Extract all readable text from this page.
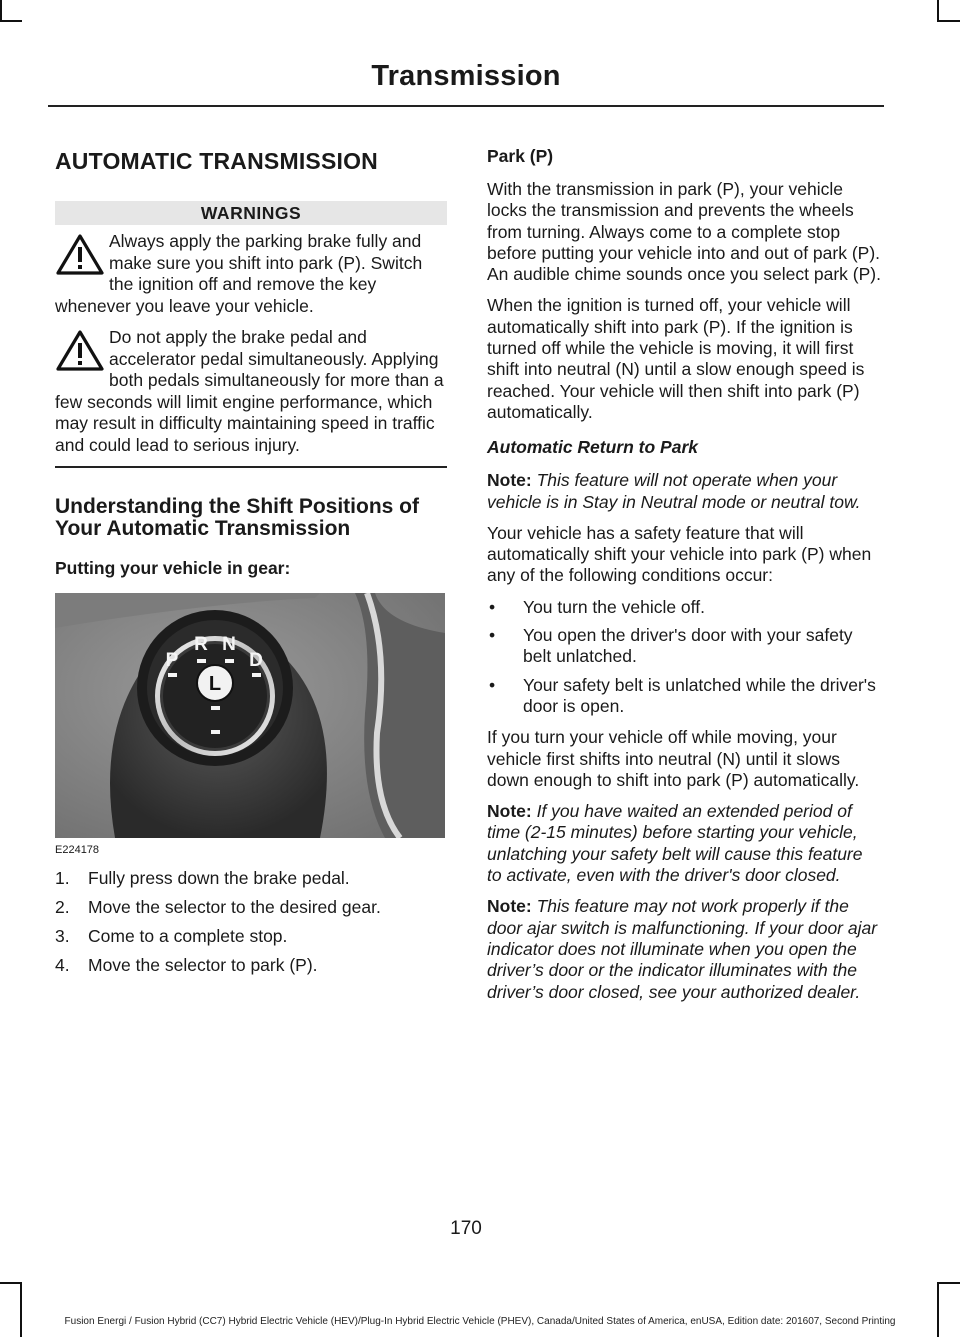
Transmission
AUTOMATIC TRANSMISSION
WARNINGS
Always apply the parking brake fully and make sure you shift into park (P). Switch the ignition off and remove the key whenever you leave your vehicle.
Do not apply the brake pedal and accelerator pedal simultaneously. Applying both pedals simultaneously for more than a few seconds will limit engine performance, which may result in difficulty maintaining speed in traffic and could lead to serious injury.
Understanding the Shift Positions of Your Automatic Transmission
Putting your vehicle in gear:
L
P
R N
D
E224178
1.	Fully press down the brake pedal.
2.	Move the selector to the desired gear.
3.	Come to a complete stop.
4.	Move the selector to park (P).
Park (P)

With the transmission in park (P), your vehicle locks the transmission and prevents the wheels from turning. Always come to a complete stop before putting your vehicle into and out of park (P). An audible chime sounds once you select park (P).

When the ignition is turned off, your vehicle will automatically shift into park (P). If the ignition is turned off while the vehicle is moving, it will first shift into neutral (N) until a slow enough speed is reached. Your vehicle will then shift into park (P) automatically.

Automatic Return to Park

Note: This feature will not operate when your vehicle is in Stay in Neutral mode or neutral tow.

Your vehicle has a safety feature that will automatically shift your vehicle into park (P) when any of the following conditions occur:

•	You turn the vehicle off.
•	You open the driver's door with your safety belt unlatched.
•	Your safety belt is unlatched while the driver's door is open.

If you turn your vehicle off while moving, your vehicle first shifts into neutral (N) until it slows down enough to shift into park (P) automatically.

Note: If you have waited an extended period of time (2-15 minutes) before starting your vehicle, unlatching your safety belt will cause this feature to activate, even with the driver's door closed.

Note: This feature may not work properly if the door ajar switch is malfunctioning. If your door ajar indicator does not illuminate when you open the driver’s door or the indicator illuminates with the driver’s door closed, see your authorized dealer.

170
Fusion Energi / Fusion Hybrid (CC7) Hybrid Electric Vehicle (HEV)/Plug-In Hybrid Electric Vehicle (PHEV), Canada/United States of America, enUSA, Edition date: 201607, Second Printing
